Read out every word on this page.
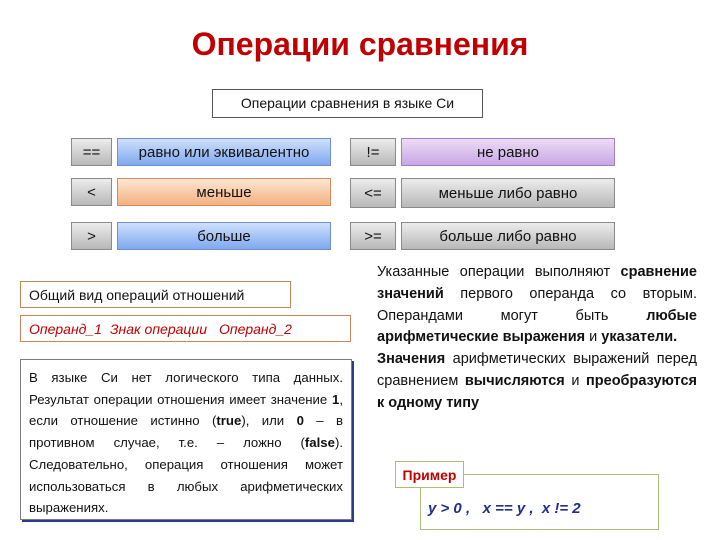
Операции сравнения
Операции сравнения в языке Си
==	равно или эквивалентно
<	меньше
>	больше
!=	не равно
<=	меньше либо равно
>=	больше либо равно
Общий вид операций отношений
Операнд_1 Знак операции Операнд_2
В языке Си нет логического типа данных. Результат операции отношения имеет значение 1, если отношение истинно (true), или 0 – в противном случае, т.е. – ложно (false). Следовательно, операция отношения может использоваться в любых арифметических выражениях.
Указанные операции выполняют сравнение значений первого операнда со вторым. Операндами могут быть любые арифметические выражения и указатели.
Значения арифметических выражений перед сравнением вычисляются и преобразуются к одному типу
Пример
y > 0 ,   x == y ,  x != 2
